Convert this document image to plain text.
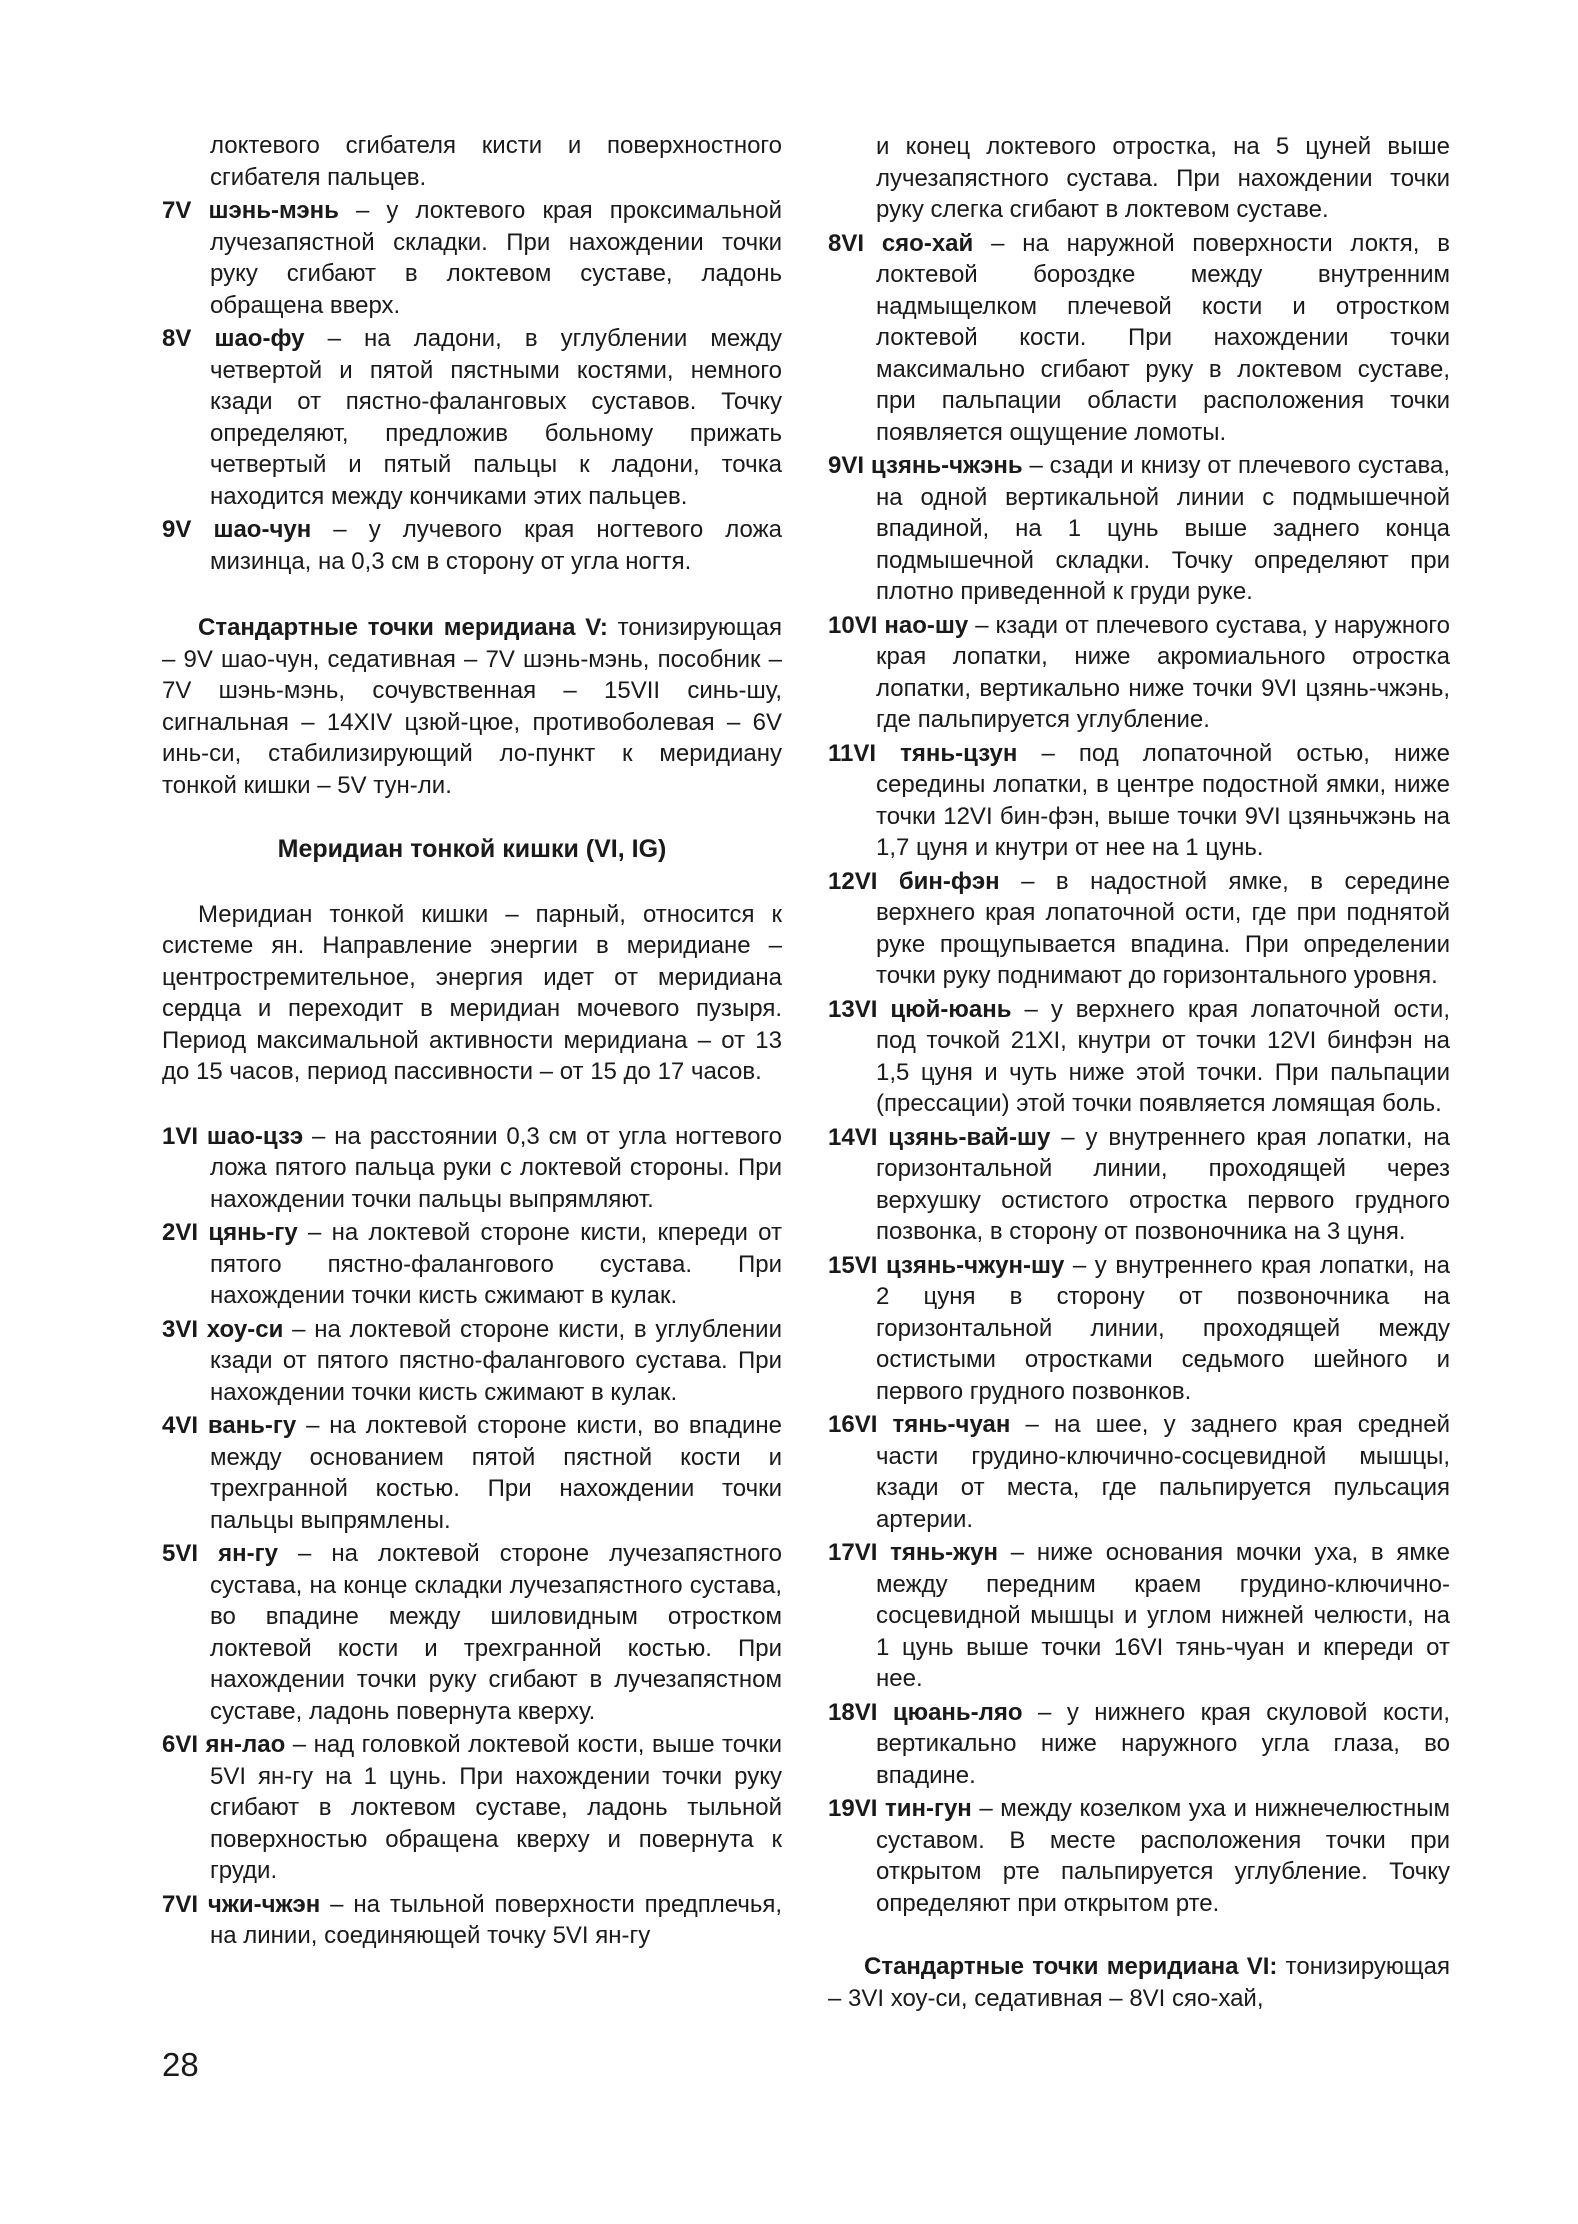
локтевого сгибателя кисти и поверхностного сгибателя пальцев.

7V шэнь-мэнь – у локтевого края проксимальной лучезапястной складки. При нахождении точки руку сгибают в локтевом суставе, ладонь обращена вверх.

8V шао-фу – на ладони, в углублении между четвертой и пятой пястными костями, немного кзади от пястно-фаланговых суставов. Точку определяют, предложив больному прижать четвертый и пятый пальцы к ладони, точка находится между кончиками этих пальцев.

9V шао-чун – у лучевого края ногтевого ложа мизинца, на 0,3 см в сторону от угла ногтя.

Стандартные точки меридиана V: тонизирующая – 9V шао-чун, седативная – 7V шэнь-мэнь, пособник – 7V шэнь-мэнь, сочувственная – 15VII синь-шу, сигнальная – 14XIV цзюй-цюе, противоболевая – 6V инь-си, стабилизирующий ло-пункт к меридиану тонкой кишки – 5V тун-ли.

Меридиан тонкой кишки (VI, IG)

Меридиан тонкой кишки – парный, относится к системе ян. Направление энергии в меридиане – центростремительное, энергия идет от меридиана сердца и переходит в меридиан мочевого пузыря. Период максимальной активности меридиана – от 13 до 15 часов, период пассивности – от 15 до 17 часов.

1VI шао-цзэ – на расстоянии 0,3 см от угла ногтевого ложа пятого пальца руки с локтевой стороны. При нахождении точки пальцы выпрямляют.

2VI цянь-гу – на локтевой стороне кисти, кпереди от пятого пястно-фалангового сустава. При нахождении точки кисть сжимают в кулак.

3VI хоу-си – на локтевой стороне кисти, в углублении кзади от пятого пястно-фалангового сустава. При нахождении точки кисть сжимают в кулак.

4VI вань-гу – на локтевой стороне кисти, во впадине между основанием пятой пястной кости и трехгранной костью. При нахождении точки пальцы выпрямлены.

5VI ян-гу – на локтевой стороне лучезапястного сустава, на конце складки лучезапястного сустава, во впадине между шиловидным отростком локтевой кости и трехгранной костью. При нахождении точки руку сгибают в лучезапястном суставе, ладонь повернута кверху.

6VI ян-лао – над головкой локтевой кости, выше точки 5VI ян-гу на 1 цунь. При нахождении точки руку сгибают в локтевом суставе, ладонь тыльной поверхностью обращена кверху и повернута к груди.

7VI чжи-чжэн – на тыльной поверхности предплечья, на линии, соединяющей точку 5VI ян-гу

и конец локтевого отростка, на 5 цуней выше лучезапястного сустава. При нахождении точки руку слегка сгибают в локтевом суставе.

8VI сяо-хай – на наружной поверхности локтя, в локтевой бороздке между внутренним надмыщелком плечевой кости и отростком локтевой кости. При нахождении точки максимально сгибают руку в локтевом суставе, при пальпации области расположения точки появляется ощущение ломоты.

9VI цзянь-чжэнь – сзади и книзу от плечевого сустава, на одной вертикальной линии с подмышечной впадиной, на 1 цунь выше заднего конца подмышечной складки. Точку определяют при плотно приведенной к груди руке.

10VI нао-шу – кзади от плечевого сустава, у наружного края лопатки, ниже акромиального отростка лопатки, вертикально ниже точки 9VI цзянь-чжэнь, где пальпируется углубление.

11VI тянь-цзун – под лопаточной остью, ниже середины лопатки, в центре подостной ямки, ниже точки 12VI бин-фэн, выше точки 9VI цзяньчжэнь на 1,7 цуня и кнутри от нее на 1 цунь.

12VI бин-фэн – в надостной ямке, в середине верхнего края лопаточной ости, где при поднятой руке прощупывается впадина. При определении точки руку поднимают до горизонтального уровня.

13VI цюй-юань – у верхнего края лопаточной ости, под точкой 21XI, кнутри от точки 12VI бинфэн на 1,5 цуня и чуть ниже этой точки. При пальпации (прессации) этой точки появляется ломящая боль.

14VI цзянь-вай-шу – у внутреннего края лопатки, на горизонтальной линии, проходящей через верхушку остистого отростка первого грудного позвонка, в сторону от позвоночника на 3 цуня.

15VI цзянь-чжун-шу – у внутреннего края лопатки, на 2 цуня в сторону от позвоночника на горизонтальной линии, проходящей между остистыми отростками седьмого шейного и первого грудного позвонков.

16VI тянь-чуан – на шее, у заднего края средней части грудино-ключично-сосцевидной мышцы, кзади от места, где пальпируется пульсация артерии.

17VI тянь-жун – ниже основания мочки уха, в ямке между передним краем грудино-ключично-сосцевидной мышцы и углом нижней челюсти, на 1 цунь выше точки 16VI тянь-чуан и кпереди от нее.

18VI цюань-ляо – у нижнего края скуловой кости, вертикально ниже наружного угла глаза, во впадине.

19VI тин-гун – между козелком уха и нижнечелюстным суставом. В месте расположения точки при открытом рте пальпируется углубление. Точку определяют при открытом рте.

Стандартные точки меридиана VI: тонизирующая – 3VI хоу-си, седативная – 8VI сяо-хай,

28
